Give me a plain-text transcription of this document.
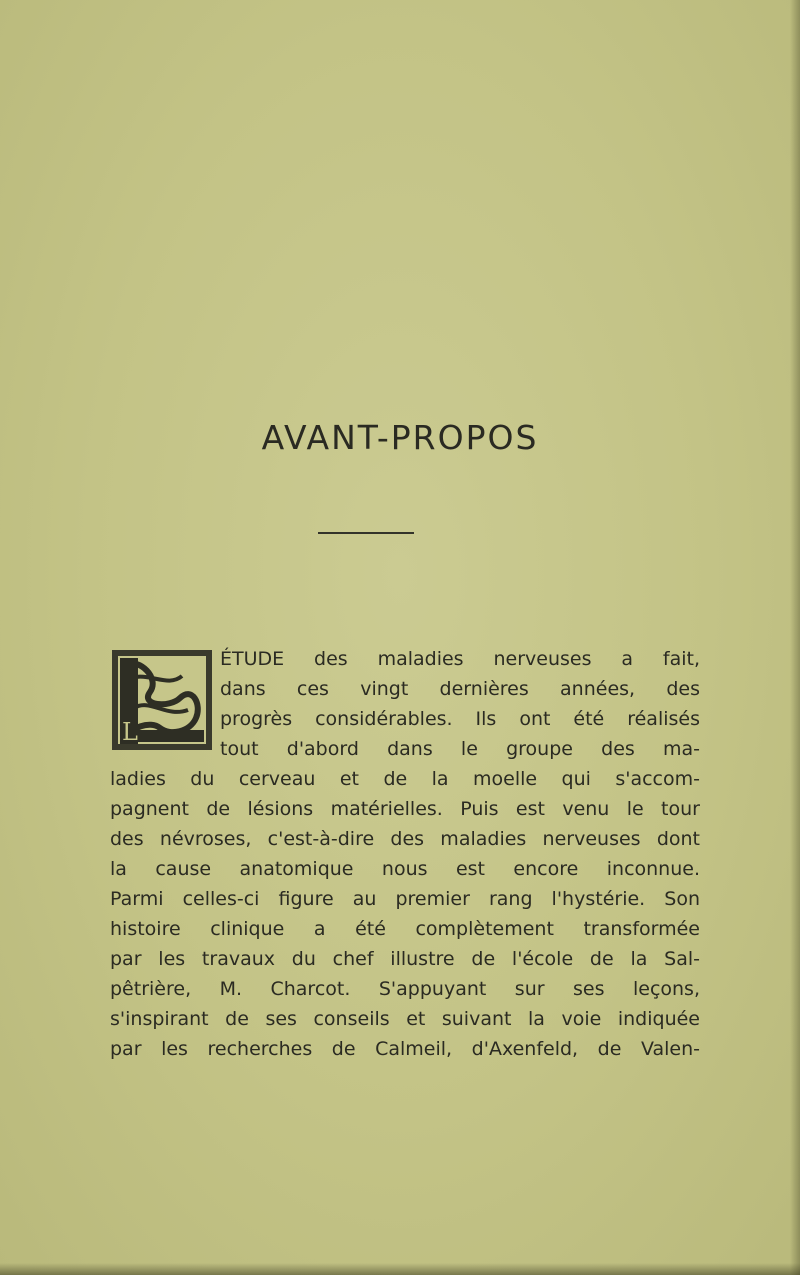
AVANT-PROPOS
L
ÉTUDE des maladies nerveuses a fait,
dans ces vingt dernières années, des
progrès considérables. Ils ont été réalisés
tout d'abord dans le groupe des ma-
ladies du cerveau et de la moelle qui s'accom-
pagnent de lésions matérielles. Puis est venu le tour
des névroses, c'est-à-dire des maladies nerveuses dont
la cause anatomique nous est encore inconnue.
Parmi celles-ci figure au premier rang l'hystérie. Son
histoire clinique a été complètement transformée
par les travaux du chef illustre de l'école de la Sal-
pêtrière, M. Charcot. S'appuyant sur ses leçons,
s'inspirant de ses conseils et suivant la voie indiquée
par les recherches de Calmeil, d'Axenfeld, de Valen-
